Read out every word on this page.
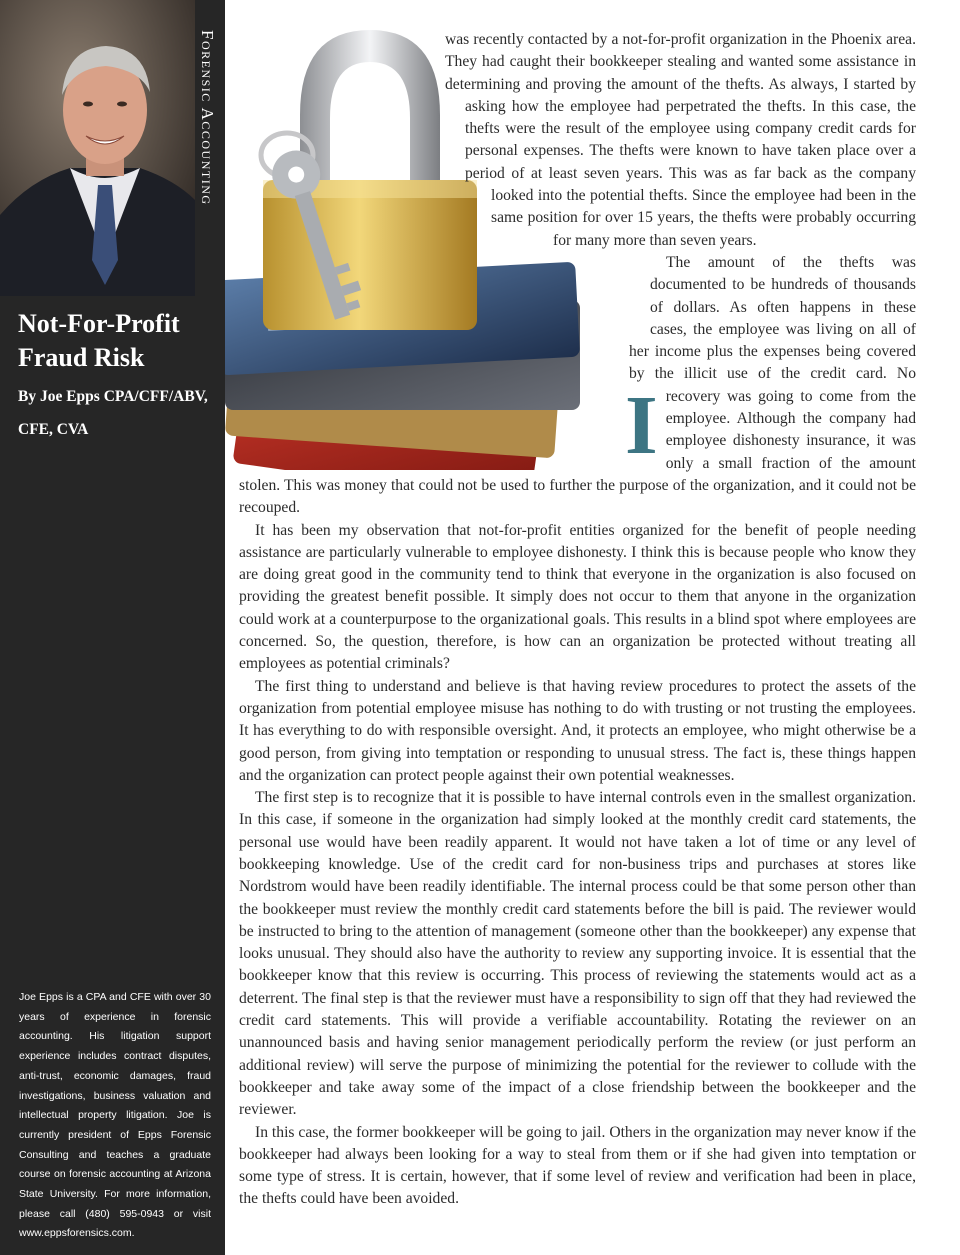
Forensic Accounting
Not-For-Profit Fraud Risk
By Joe Epps CPA/CFF/ABV, CFE, CVA
Joe Epps is a CPA and CFE with over 30 years of experience in forensic accounting. His litigation support experience includes contract disputes, anti-trust, economic damages, fraud investigations, business valuation and intellectual property litigation. Joe is currently president of Epps Forensic Consulting and teaches a graduate course on forensic accounting at Arizona State University. For more information, please call (480) 595-0943 or visit www.eppsforensics.com.

I
was recently contacted by a not-for-profit organization in the Phoenix area. They had caught their bookkeeper stealing and wanted some assistance in determining and proving the amount of the thefts. As always, I started by asking how the employee had perpetrated the thefts. In this case, the thefts were the result of the employee using company credit cards for personal expenses. The thefts were known to have taken place over a period of at least seven years. This was as far back as the company looked into the potential thefts. Since the employee had been in the same position for over 15 years, the thefts were probably occurring for many more than seven years.

The amount of the thefts was documented to be hundreds of thousands of dollars. As often happens in these cases, the employee was living on all of her income plus the expenses being covered by the illicit use of the credit card. No recovery was going to come from the employee. Although the company had employee dishonesty insurance, it was only a small fraction of the amount stolen. This was money that could not be used to further the purpose of the organization, and it could not be recouped.

It has been my observation that not-for-profit entities organized for the benefit of people needing assistance are particularly vulnerable to employee dishonesty. I think this is because people who know they are doing great good in the community tend to think that everyone in the organization is also focused on providing the greatest benefit possible. It simply does not occur to them that anyone in the organization could work at a counterpurpose to the organizational goals. This results in a blind spot where employees are concerned. So, the question, therefore, is how can an organization be protected without treating all employees as potential criminals?

The first thing to understand and believe is that having review procedures to protect the assets of the organization from potential employee misuse has nothing to do with trusting or not trusting the employees. It has everything to do with responsible oversight. And, it protects an employee, who might otherwise be a good person, from giving into temptation or responding to unusual stress. The fact is, these things happen and the organization can protect people against their own potential weaknesses.

The first step is to recognize that it is possible to have internal controls even in the smallest organization. In this case, if someone in the organization had simply looked at the monthly credit card statements, the personal use would have been readily apparent. It would not have taken a lot of time or any level of bookkeeping knowledge. Use of the credit card for non-business trips and purchases at stores like Nordstrom would have been readily identifiable. The internal process could be that some person other than the bookkeeper must review the monthly credit card statements before the bill is paid. The reviewer would be instructed to bring to the attention of management (someone other than the bookkeeper) any expense that looks unusual. They should also have the authority to review any supporting invoice. It is essential that the bookkeeper know that this review is occurring. This process of reviewing the statements would act as a deterrent. The final step is that the reviewer must have a responsibility to sign off that they had reviewed the credit card statements. This will provide a verifiable accountability. Rotating the reviewer on an unannounced basis and having senior management periodically perform the review (or just perform an additional review) will serve the purpose of minimizing the potential for the reviewer to collude with the bookkeeper and take away some of the impact of a close friendship between the bookkeeper and the reviewer.

In this case, the former bookkeeper will be going to jail. Others in the organization may never know if the bookkeeper had always been looking for a way to steal from them or if she had given into temptation or some type of stress. It is certain, however, that if some level of review and verification had been in place, the thefts could have been avoided.
